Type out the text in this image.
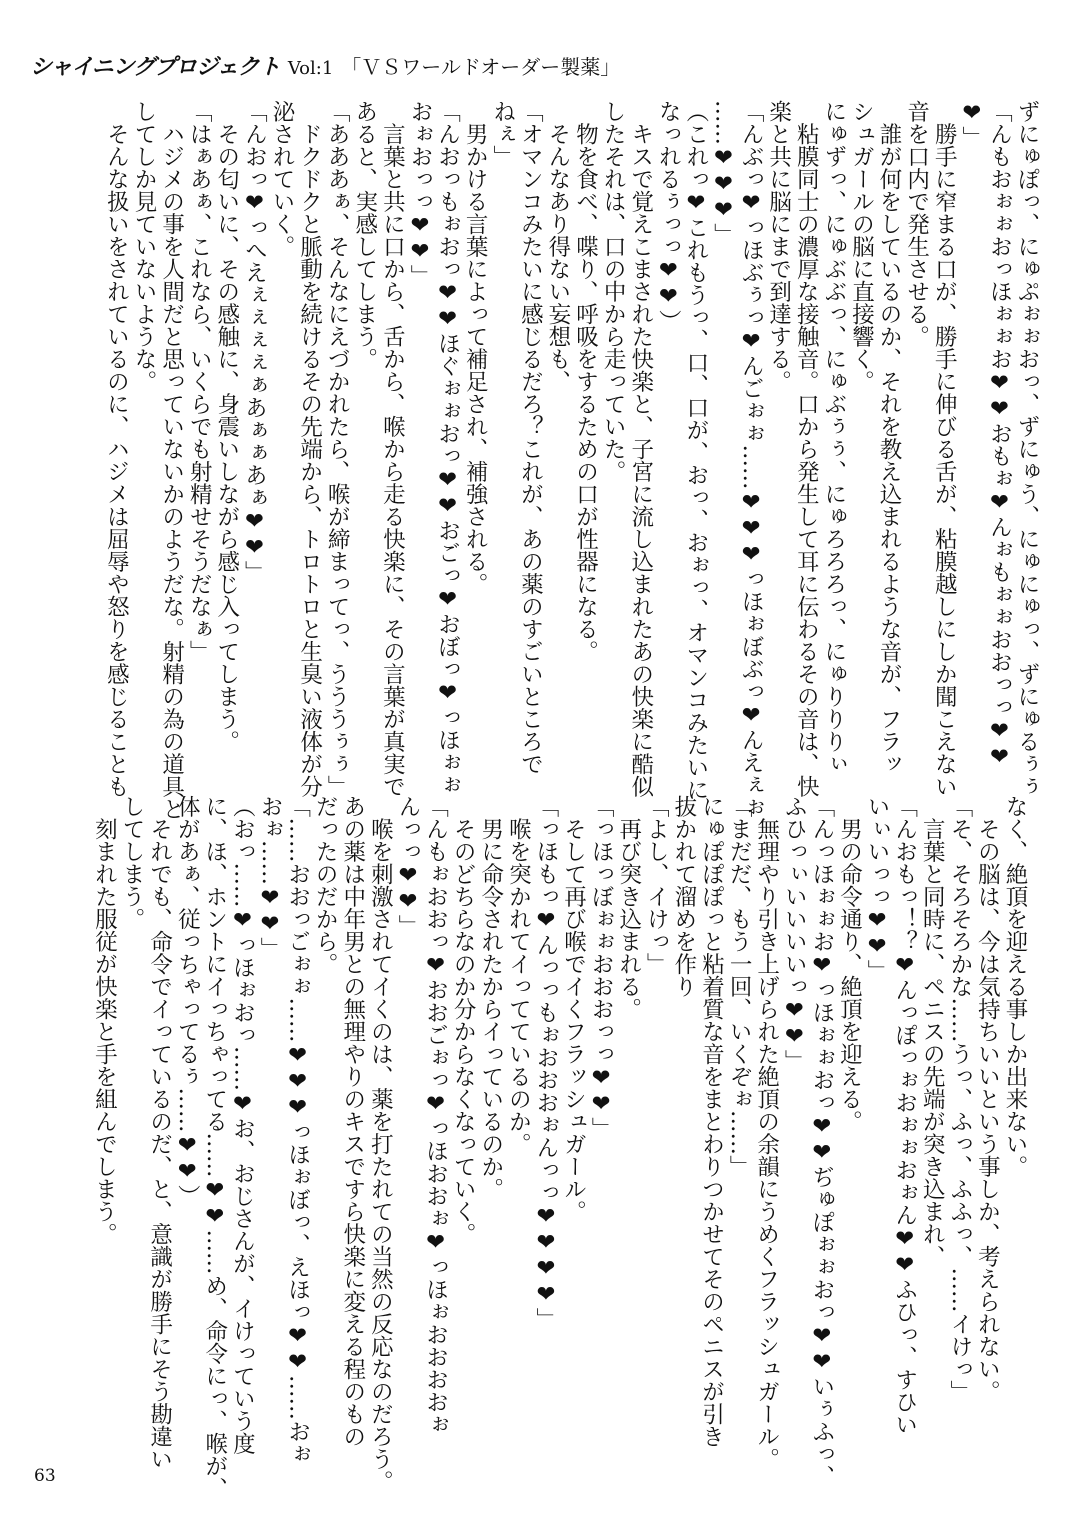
シャイニングプロジェクト Vol:1 「ＶＳワールドオーダー製薬」
ずにゅぽっ、にゅぷぉぉおっ、ずにゅう、にゅにゅっ、ずにゅるぅぅ
「んもおぉぉおっほぉぉお❤❤おもぉ❤んぉもぉぉおおっっ❤❤
❤」
　勝手に窄まる口が、勝手に伸びる舌が、粘膜越しにしか聞こえない
音を口内で発生させる。
　誰が何をしているのか、それを教え込まれるような音が、フラッ
シュガールの脳に直接響く。
にゅずっ、にゅぶぶっ、にゅぶぅぅ、にゅろろろっ、にゅりりりぃ
　粘膜同士の濃厚な接触音。口から発生して耳に伝わるその音は、快
楽と共に脳にまで到達する。
「んぶっ❤っほぶぅっ❤んごぉぉ……❤❤❤っほぉぼぶっ❤んえぇぉ
……❤❤❤」
（これっ❤これもうっ、口、口が、おっ、おぉっ、オマンコみたいに
なっれるぅっっ❤❤）
　キスで覚えこまされた快楽と、子宮に流し込まれたあの快楽に酷似
したそれは、口の中から走っていた。
　物を食べ、喋り、呼吸をするための口が性器になる。
　そんなあり得ない妄想も、
「オマンコみたいに感じるだろ？これが、あの薬のすごいところで
ねぇ」
　男かける言葉によって補足され、補強される。
「んおっもぉおっ❤❤ほぐぉぉおっ❤❤おごっ❤おぼっ❤っほぉぉ
おぉおっっ❤❤」
　言葉と共に口から、舌から、喉から走る快楽に、その言葉が真実で
あると、実感してしまう。
「あああぁ、そんなにえづかれたら、喉が締まってっ、うううぅぅ」
　ドクドクと脈動を続けるその先端から、トロトロと生臭い液体が分
泌されていく。
「んおっ❤っへえぇぇぇぇぁあぁぁあぁ❤❤」
　その匂いに、その感触に、身震いしながら感じ入ってしまう。
「はぁあぁ、これなら、いくらでも射精せそうだなぁ」
　ハジメの事を人間だと思っていないかのようだな。射精の為の道具と
してしか見ていないような。
　そんな扱いをされているのに、ハジメは屈辱や怒りを感じることも
なく、絶頂を迎える事しか出来ない。
　その脳は、今は気持ちいいという事しか、考えられない。
「そ、そろそろかな……うっ、ふっ、ふふっ、……イけっ」
　言葉と同時に、ペニスの先端が突き込まれ、
「んおもっ！？❤んっぽっぉおぉぉおぉん❤❤ふひっ、すひい
いぃいっっ❤❤」
　男の命令通り、絶頂を迎える。
「んっほぉぉお❤っほぉぉおっ❤❤ぢゅぽぉぉおっ❤❤いぅふっ、
ふひっぃいいいいっ❤❤」
　無理やり引き上げられた絶頂の余韻にうめくフラッシュガール。
「まだだ、もう一回、いくぞぉ……」
にゅぽぽぽっと粘着質な音をまとわりつかせてそのペニスが引き
抜かれて溜めを作り
「よし、イけっ」
　再び突き込まれる。
「っほっぼぉぉおおおっっ❤❤」
　そして再び喉でイくフラッシュガール。
「っほもっ❤んっっもぉおおおぉんっっ❤❤❤❤」
　喉を突かれてイってているのか。
　男に命令されたからイっているのか。
　そのどちらなのか分からなくなっていく。
「んもぉおおっ❤おおごぉっ❤っほおおぉ❤っほぉおおおおぉ
んっっ❤❤」
　喉を刺激されてイくのは、薬を打たれての当然の反応なのだろう。
あの薬は中年男との無理やりのキスですら快楽に変える程のもの
だったのだから。
「……おおっごぉぉ……❤❤❤っほぉぼっ、えほっ❤❤……おぉ
おぉ……❤❤」
（おっ……❤っほぉおっ……❤お、おじさんが、イけっていう度
に、ほ、ホントにイっちゃってる……❤❤……め、命令にっ、喉が、
体があぁ、従っちゃってるぅ……❤❤）
　それでも、命令でイっているのだ、と、意識が勝手にそう勘違い
してしまう。
　刻まれた服従が快楽と手を組んでしまう。
63
